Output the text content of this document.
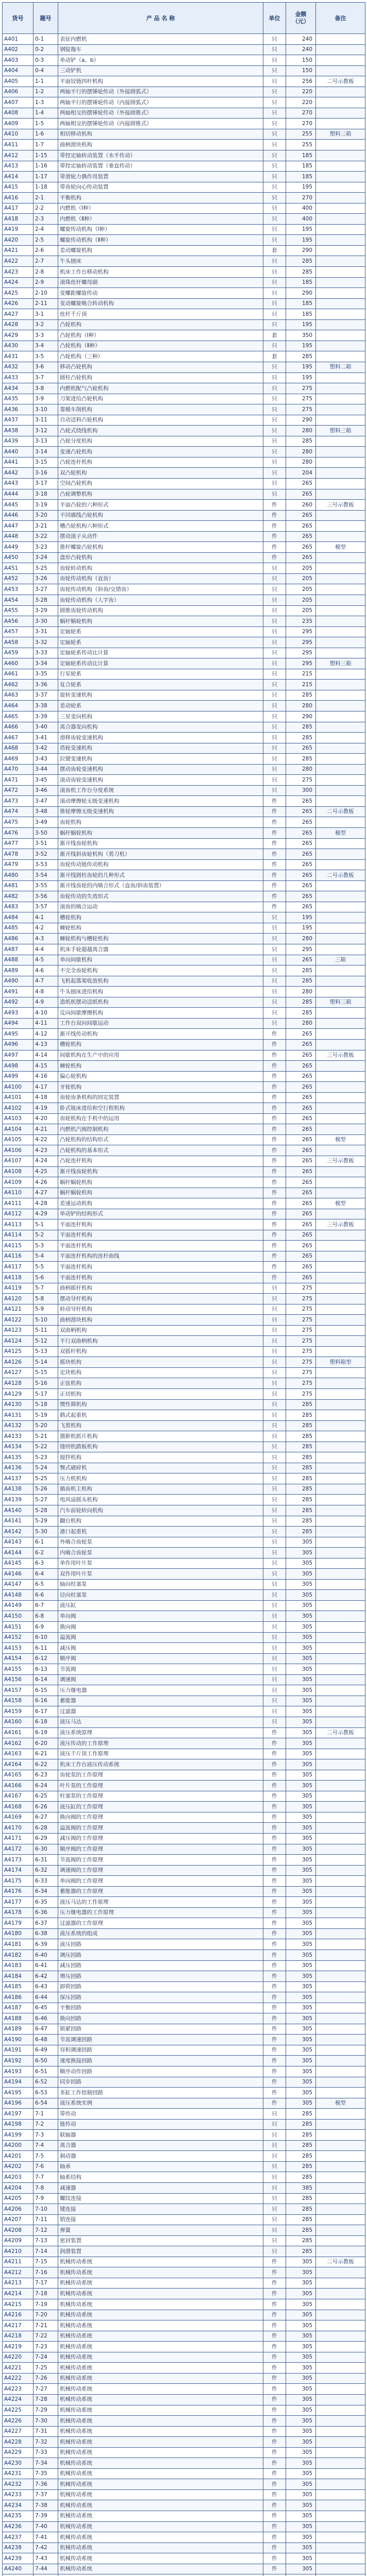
货号	题号	产 品 名 称	单位	金额
（元）	备注
A401	0-1	表征内燃机	只	240	
A402	0-2	钢锭拖车	只	240	
A403	0-3	单动铲（a、b）	只	150	
A404	0-4	三动铲机	只	150	
A405	1-1	平面铰链四杆机构	只	256	二号示教板
A406	1-2	两轴平行的摆锤轮传动（外接圆弧式）	只	220	
A407	1-3	两轴平行的摆锤轮传动（内接圆弧式）	只	220	
A408	1-4	两轴相交的摆锤轮传动（外接圆锥式）	只	270	
A409	1-5	两轴相交的摆锤轮传动（内接圆锥式）	只	270	
A410	1-6	相切移动机构	只	255	塑料三箱
A411	1-7	曲柄滑块机构	只	255	
A412	1-15	带控定轴转动装置（水平传动）	只	185	
A413	1-16	带控定轴转动装置（垂直传动）	只	185	
A414	1-17	带滑轮力偶作用装置	只	185	
A415	1-18	带齿轮向心传动装置	只	195	
A416	2-1	平衡机构	只	270	
A417	2-2	内燃机（Ⅰ种）	只	400	
A418	2-3	内燃机（Ⅱ种）	只	400	
A419	2-4	螺旋传动机构（Ⅰ种）	只	195	
A420	2-5	螺旋传动机构（Ⅱ种）	只	195	
A421	2-6	差动螺旋机构	套	290	
A422	2-7	牛头刨床	只	285	
A423	2-8	机床工作台移动机构	只	285	
A424	2-9	滚珠丝杆螺母副	只	185	
A425	2-10	变螺距螺旋传动	只	290	
A426	2-11	变动螺旋啮合转动机构	只	185	
A427	3-1	丝杆千斤顶	只	185	
A428	3-2	凸轮机构	只	195	
A429	3-3	凸轮机构（Ⅰ种）	套	350	
A430	3-4	凸轮机构（Ⅱ种）	只	195	
A431	3-5	凸轮机构（三种）	套	285	
A432	3-6	移动凸轮机构	只	195	塑料二箱
A433	3-7	圆柱凸轮机构	只	195	
A434	3-8	内燃机配气凸轮机构	只	275	
A435	3-9	刀架进给凸轮机构	只	275	
A436	3-10	靠模车削机构	只	275	
A437	3-11	自动送料凸轮机构	只	290	
A438	3-12	凸轮式绕线机构	只	280	塑料三箱
A439	3-13	凸轮分度机构	只	285	
A440	3-14	变速凸轮机构	只	280	
A441	3-15	凸轮连杆机构	只	280	
A442	3-16	双凸轮机构	只	204	
A443	3-17	空间凸轮机构	只	265	
A444	3-18	凸轮调整机构	只	265	
A445	3-19	平面凸轮的六种形式	件	260	三号示教板
A446	3-20	不同廓线凸轮机构	件	265	
A447	3-21	槽凸轮机构六种形式	件	265	
A448	3-22	摆动滚子从动件	件	265	
A449	3-23	推杆螺旋凸轮机构	件	265	模型
A450	3-24	盘形凸轮机构	件	265	
A451	3-25	齿轮转动机构	只	205	
A452	3-26	齿轮传动机构（直齿）	只	205	
A453	3-27	齿轮传动机构（斜齿/交错齿）	只	205	
A454	3-28	齿轮传动机构（人字齿）	只	205	
A455	3-29	圆锥齿轮传动机构	只	205	
A456	3-30	蜗杆蜗轮机构	只	235	
A457	3-31	定轴轮系	只	295	
A458	3-32	定轴轮系	只	295	
A459	3-33	定轴轮系传动比计算	只	295	
A460	3-34	定轴轮系传动比计算	只	295	塑料三箱
A461	3-35	行星轮系	只	215	
A462	3-36	复合轮系	只	215	
A463	3-37	旋转变速机构	只	285	
A464	3-38	差动轮系	只	280	
A465	3-39	三星变向机构	只	290	
A466	3-40	离合器变向机构	只	285	
A467	3-41	滑移齿轮变速机构	只	285	
A468	3-42	塔轮变速机构	只	265	
A469	3-43	拉键变速机构	只	285	
A470	3-44	摆动齿轮变速机构	只	280	
A471	3-45	滚动齿轮变速机构	只	275	
A472	3-46	滚齿机工作台分度系统	只	300	
A473	3-47	滚动摩擦轮无级变速机构	件	265	
A474	3-48	锥轮摩擦无级变速机构	件	265	二号示教板
A475	3-49	齿轮机构	件	265	
A476	3-50	蜗杆蜗轮机构	件	265	模型
A477	3-51	渐开线齿轮机构	件	265	
A478	3-52	渐开线斜齿轮机构（剪刀机）	件	265	
A479	3-53	齿轮传动链传动机构	件	265	
A480	3-54	渐开线圆柱齿轮的几种形式	件	265	二号示教板
A481	3-55	渐开线齿轮的内啮合形式（直齿/斜齿装置）	件	265	
A482	3-56	齿轮传动的失效形式	件	265	
A483	3-57	滚齿的啮合运动	件	265	
A484	4-1	槽轮机构	只	195	
A485	4-2	棘轮机构	只	195	
A486	4-3	棘轮机构与槽轮机构	只	280	
A487	4-4	机床手轮超越离合器	只	295	
A488	4-5	单向间歇机构	只	265	三箱
A489	4-6	不完全齿轮机构	只	285	
A490	4-7	飞机起落架收放机构	只	285	
A491	4-8	牛头刨床进给机构	只	280	
A492	4-9	造纸机摆动送纸机构	只	285	塑料三箱
A493	4-10	反向间歇摩擦机构	只	285	
A494	4-11	工作台双向间歇运动	只	280	
A495	4-12	渐开线传动机构	件	265	
A496	4-13	槽轮机构	件	265	
A497	4-14	间歇机构在生产中的应用	件	265	三号示教板
A498	4-15	棘轮机构	件	265	
A499	4-16	偏心轮机构	件	265	
A4100	4-17	牙轮机构	件	265	
A4101	4-18	齿轮齿条机构的固定装置	件	265	
A4102	4-19	卧式铣床进给和空行程机构	件	265	
A4103	4-20	齿轮机构在手机中的运用	件	265	
A4104	4-21	内燃机汽阀控制机构	件	265	
A4105	4-22	凸轮机构的结构形式	件	265	模型
A4106	4-23	凸轮机构的基本形式	件	265	
A4107	4-24	凸轮连杆机构	件	265	三号示教板
A4108	4-25	渐开线齿轮机构	件	265	
A4109	4-26	蜗杆蜗轮机构	件	265	
A4110	4-27	蜗杆蜗轮机构	件	265	
A4111	4-28	差速运动机构	件	265	模型
A4112	4-29	单动铲的结构形式	件	265	
A4113	5-1	平面连杆机构	件	265	三号示教板
A4114	5-2	平面连杆机构	件	265	
A4115	5-3	平面连杆机构	件	265	
A4116	5-4	平面连杆机构的连杆曲线	件	265	
A4117	5-5	平面连杆机构	件	265	
A4118	5-6	平面连杆机构	件	265	
A4119	5-7	曲柄摇杆机构	只	275	
A4120	5-8	摆动导杆机构	只	275	
A4121	5-9	转动导杆机构	只	275	
A4122	5-10	曲柄滑块机构	只	275	
A4123	5-11	双曲柄机构	只	275	
A4124	5-12	平行双曲柄机构	只	275	
A4125	5-13	双摇杆机构	只	275	
A4126	5-14	摇块机构	只	275	塑料箱型
A4127	5-15	定块机构	只	275	
A4128	5-16	正弦机构	只	275	
A4129	5-17	正切机构	只	275	
A4130	5-18	惯性筛机构	只	285	
A4131	5-19	鹤式起重机	只	285	
A4132	5-20	飞剪机构	只	285	
A4133	5-21	摄影机抓片机构	只	285	
A4134	5-22	缝纫机踏板机构	只	285	
A4135	5-23	搅拌机构	只	285	
A4136	5-24	颚式破碎机	只	285	
A4137	5-25	压力机机构	只	285	
A4138	5-26	插齿机主机构	只	285	
A4139	5-27	电风扇摇头机构	只	285	
A4140	5-28	汽车前轮转向机构	只	285	
A4141	5-29	翻台机构	只	285	
A4142	5-30	港口起重机	只	285	
A4143	6-1	外啮合齿轮泵	只	305	
A4144	6-2	内啮合齿轮泵	只	305	
A4145	6-3	单作用叶片泵	只	305	
A4146	6-4	双作用叶片泵	只	305	
A4147	6-5	轴向柱塞泵	只	305	
A4148	6-6	径向柱塞泵	只	305	
A4149	6-7	液压缸	只	305	
A4150	6-8	单向阀	只	305	
A4151	6-9	换向阀	只	305	
A4152	6-10	溢流阀	只	305	
A4153	6-11	减压阀	只	305	
A4154	6-12	顺序阀	只	305	
A4155	6-13	节流阀	只	305	
A4156	6-14	调速阀	只	305	
A4157	6-15	压力继电器	只	305	
A4158	6-16	蓄能器	只	305	
A4159	6-17	过滤器	只	305	
A4160	6-18	液压马达	只	305	
A4161	6-19	液压系统原理	件	305	二号示教板
A4162	6-20	液压传动的工作原理	件	305	
A4163	6-21	液压千斤顶工作原理	件	305	
A4164	6-22	机床工作台液压传动系统	件	305	
A4165	6-23	齿轮泵的工作原理	件	305	
A4166	6-24	叶片泵的工作原理	件	305	
A4167	6-25	柱塞泵的工作原理	件	305	
A4168	6-26	液压缸的工作原理	件	305	
A4169	6-27	换向阀的工作原理	件	305	
A4170	6-28	溢流阀的工作原理	件	305	
A4171	6-29	减压阀的工作原理	件	305	
A4172	6-30	顺序阀的工作原理	件	305	
A4173	6-31	节流阀的工作原理	件	305	
A4174	6-32	调速阀的工作原理	件	305	
A4175	6-33	单向阀的工作原理	件	305	
A4176	6-34	蓄能器的工作原理	件	305	
A4177	6-35	液压马达的工作原理	件	305	
A4178	6-36	压力继电器的工作原理	件	305	
A4179	6-37	过滤器的工作原理	件	305	
A4180	6-38	液压系统的组成	件	305	
A4181	6-39	液压回路	件	305	
A4182	6-40	调压回路	件	305	
A4183	6-41	减压回路	件	305	
A4184	6-42	增压回路	件	305	
A4185	6-43	卸荷回路	件	305	
A4186	6-44	保压回路	件	305	
A4187	6-45	平衡回路	件	305	
A4188	6-46	换向回路	件	305	
A4189	6-47	锁紧回路	件	305	
A4190	6-48	节流调速回路	件	305	
A4191	6-49	容积调速回路	件	305	
A4192	6-50	速度换接回路	件	305	
A4193	6-51	顺序动作回路	件	305	
A4194	6-52	同步回路	件	305	
A4195	6-53	多缸工作控制回路	件	305	
A4196	6-54	液压系统实例	件	305	模型
A4197	7-1	带传动	只	285	
A4198	7-2	链传动	只	285	
A4199	7-3	联轴器	只	285	
A4200	7-4	离合器	只	285	
A4201	7-5	制动器	只	285	
A4202	7-6	轴承	只	285	
A4203	7-7	轴系结构	只	285	
A4204	7-8	减速器	只	385	
A4205	7-9	螺纹连接	只	285	
A4206	7-10	键连接	只	285	
A4207	7-11	销连接	只	285	
A4208	7-12	弹簧	只	285	
A4209	7-13	密封装置	只	285	
A4210	7-14	润滑装置	只	285	
A4211	7-15	机械传动系统	件	305	二号示教板
A4212	7-16	机械传动系统	件	305	
A4213	7-17	机械传动系统	件	305	
A4214	7-18	机械传动系统	件	305	
A4215	7-19	机械传动系统	件	305	
A4216	7-20	机械传动系统	件	305	
A4217	7-21	机械传动系统	件	305	
A4218	7-22	机械传动系统	件	305	
A4219	7-23	机械传动系统	件	305	
A4220	7-24	机械传动系统	件	305	
A4221	7-25	机械传动系统	件	305	
A4222	7-26	机械传动系统	件	305	
A4223	7-27	机械传动系统	件	305	
A4224	7-28	机械传动系统	件	305	
A4225	7-29	机械传动系统	件	305	
A4226	7-30	机械传动系统	件	305	
A4227	7-31	机械传动系统	件	305	
A4228	7-32	机械传动系统	件	305	
A4229	7-33	机械传动系统	件	305	
A4230	7-34	机械传动系统	件	305	
A4231	7-35	机械传动系统	件	305	
A4232	7-36	机械传动系统	件	305	
A4233	7-37	机械传动系统	件	305	
A4234	7-38	机械传动系统	件	305	
A4235	7-39	机械传动系统	件	305	
A4236	7-40	机械传动系统	件	305	
A4237	7-41	机械传动系统	件	305	
A4238	7-42	机械传动系统	件	305	
A4239	7-43	机械传动系统	件	305	
A4240	7-44	机械传动系统	件	305	
